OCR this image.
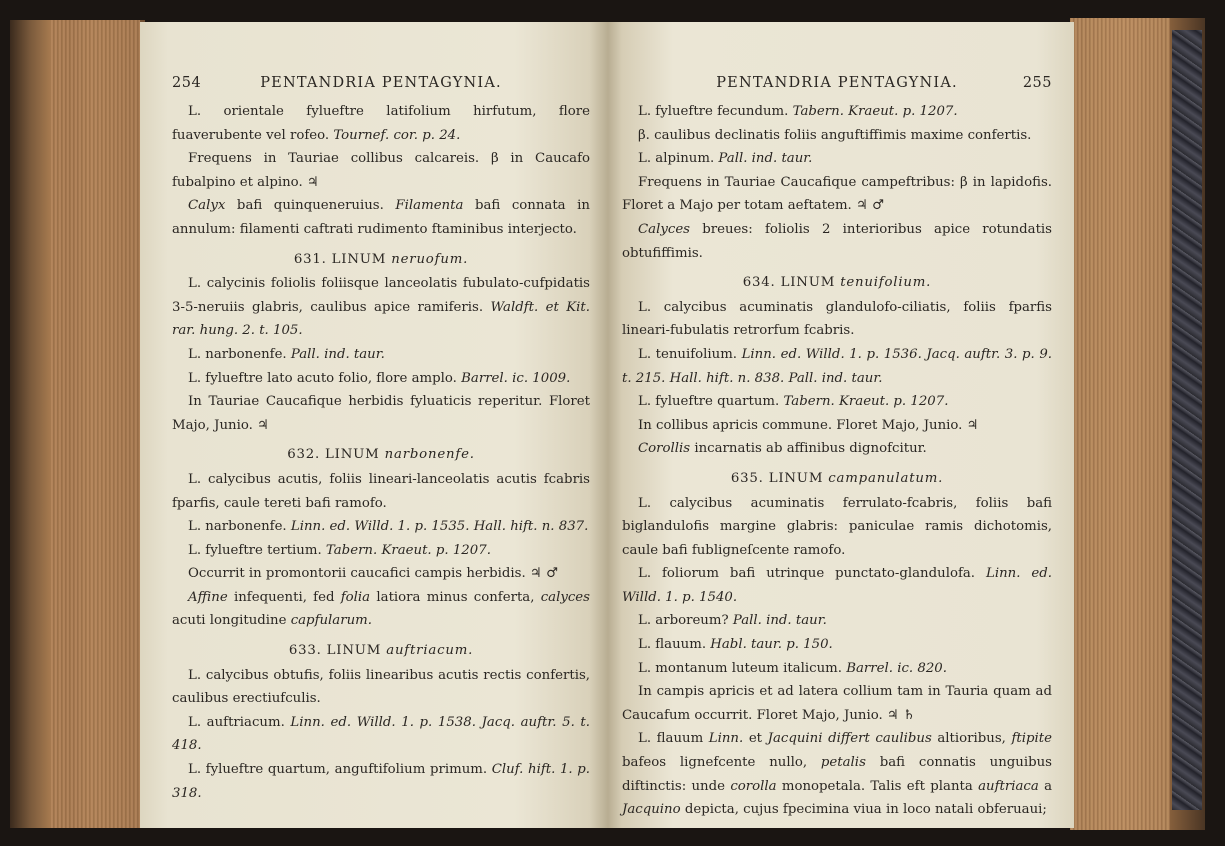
254	PENTANDRIA PENTAGYNIA.

L. orientale fylueftre latifolium hirfutum, flore fuaverubente vel rofeo. Tournef. cor. p. 24.

Frequens in Tauriae collibus calcareis. β in Caucafo fubalpino et alpino. ♃

Calyx bafi quinqueneruius. Filamenta bafi connata in annulum: filamenti caftrati rudimento ftaminibus interjecto.

631. LINUM neruofum.

L. calycinis foliolis foliisque lanceolatis fubulato-cufpidatis 3-5-neruiis glabris, caulibus apice ramiferis. Waldft. et Kit. rar. hung. 2. t. 105.

L. narbonenfe. Pall. ind. taur.

L. fylueftre lato acuto folio, flore amplo. Barrel. ic. 1009.

In Tauriae Caucafique herbidis fyluaticis reperitur. Floret Majo, Junio. ♃

632. LINUM narbonenfe.

L. calycibus acutis, foliis lineari-lanceolatis acutis fcabris fparfis, caule tereti bafi ramofo.

L. narbonenfe. Linn. ed. Willd. 1. p. 1535. Hall. hift. n. 837.

L. fylueftre tertium. Tabern. Kraeut. p. 1207.

Occurrit in promontorii caucafici campis herbidis. ♃ ♂

Affine infequenti, fed folia latiora minus conferta, calyces acuti longitudine capfularum.

633. LINUM auftriacum.

L. calycibus obtufis, foliis linearibus acutis rectis confertis, caulibus erectiufculis.

L. auftriacum. Linn. ed. Willd. 1. p. 1538. Jacq. auftr. 5. t. 418.

L. fylueftre quartum, anguftifolium primum. Cluf. hift. 1. p. 318.

PENTANDRIA PENTAGYNIA.	255

L. fylueftre fecundum. Tabern. Kraeut. p. 1207.

β. caulibus declinatis foliis anguftiffimis maxime confertis.

L. alpinum. Pall. ind. taur.

Frequens in Tauriae Caucafique campeftribus: β in lapidofis. Floret a Majo per totam aeftatem. ♃ ♂

Calyces breues: foliolis 2 interioribus apice rotundatis obtufiffimis.

634. LINUM tenuifolium.

L. calycibus acuminatis glandulofo-ciliatis, foliis fparfis lineari-fubulatis retrorfum fcabris.

L. tenuifolium. Linn. ed. Willd. 1. p. 1536. Jacq. auftr. 3. p. 9. t. 215. Hall. hift. n. 838. Pall. ind. taur.

L. fylueftre quartum. Tabern. Kraeut. p. 1207.

In collibus apricis commune. Floret Majo, Junio. ♃

Corollis incarnatis ab affinibus dignofcitur.

635. LINUM campanulatum.

L. calycibus acuminatis ferrulato-fcabris, foliis bafi biglandulofis margine glabris: paniculae ramis dichotomis, caule bafi fubligneſcente ramofo.

L. foliorum bafi utrinque punctato-glandulofa. Linn. ed. Willd. 1. p. 1540.

L. arboreum? Pall. ind. taur.

L. flauum. Habl. taur. p. 150.

L. montanum luteum italicum. Barrel. ic. 820.

In campis apricis et ad latera collium tam in Tauria quam ad Caucafum occurrit. Floret Majo, Junio. ♃ ♄

L. flauum Linn. et Jacquini differt caulibus altioribus, ftipite bafeos lignefcente nullo, petalis bafi connatis unguibus diftinctis: unde corolla monopetala. Talis eft planta auftriaca a Jacquino depicta, cujus fpecimina viua in loco natali obferuaui;
